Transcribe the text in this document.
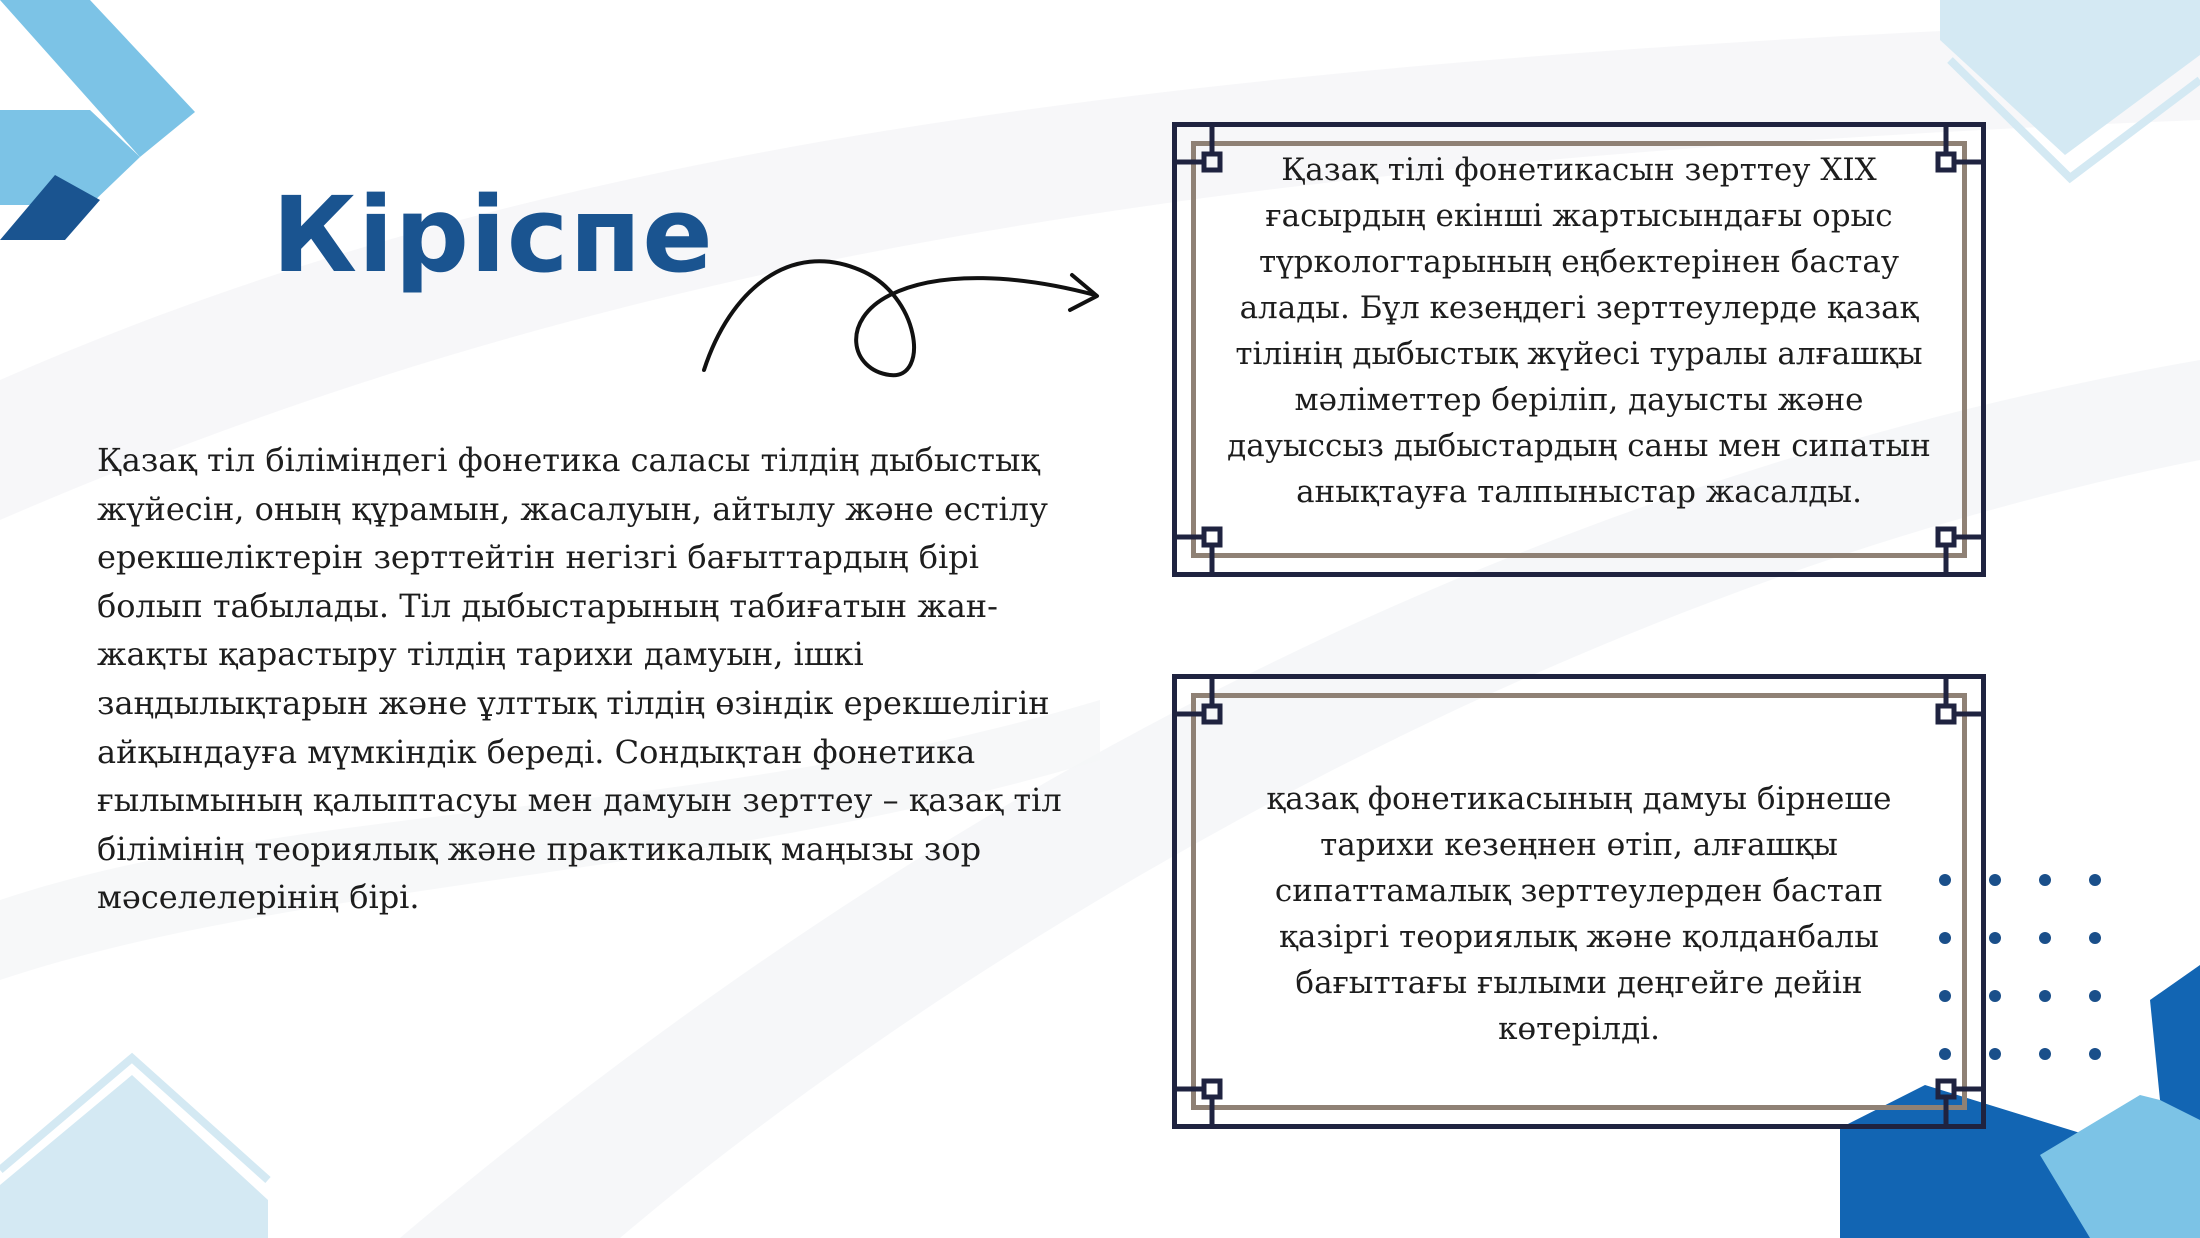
Кіріспе

Қазақ тіл біліміндегі фонетика саласы тілдің дыбыстық жүйесін, оның құрамын, жасалуын, айтылу және естілу ерекшеліктерін зерттейтін негізгі бағыттардың бірі болып табылады. Тіл дыбыстарының табиғатын жан-жақты қарастыру тілдің тарихи дамуын, ішкі заңдылықтарын және ұлттық тілдің өзіндік ерекшелігін айқындауға мүмкіндік береді. Сондықтан фонетика ғылымының қалыптасуы мен дамуын зерттеу – қазақ тіл білімінің теориялық және практикалық маңызы зор мәселелерінің бірі.

Қазақ тілі фонетикасын зерттеу XIX ғасырдың екінші жартысындағы орыс түркологтарының еңбектерінен бастау алады. Бұл кезеңдегі зерттеулерде қазақ тілінің дыбыстық жүйесі туралы алғашқы мәліметтер беріліп, дауысты және дауыссыз дыбыстардың саны мен сипатын анықтауға талпыныстар жасалды.

қазақ фонетикасының дамуы бірнеше тарихи кезеңнен өтіп, алғашқы сипаттамалық зерттеулерден бастап қазіргі теориялық және қолданбалы бағыттағы ғылыми деңгейге дейін көтерілді.
